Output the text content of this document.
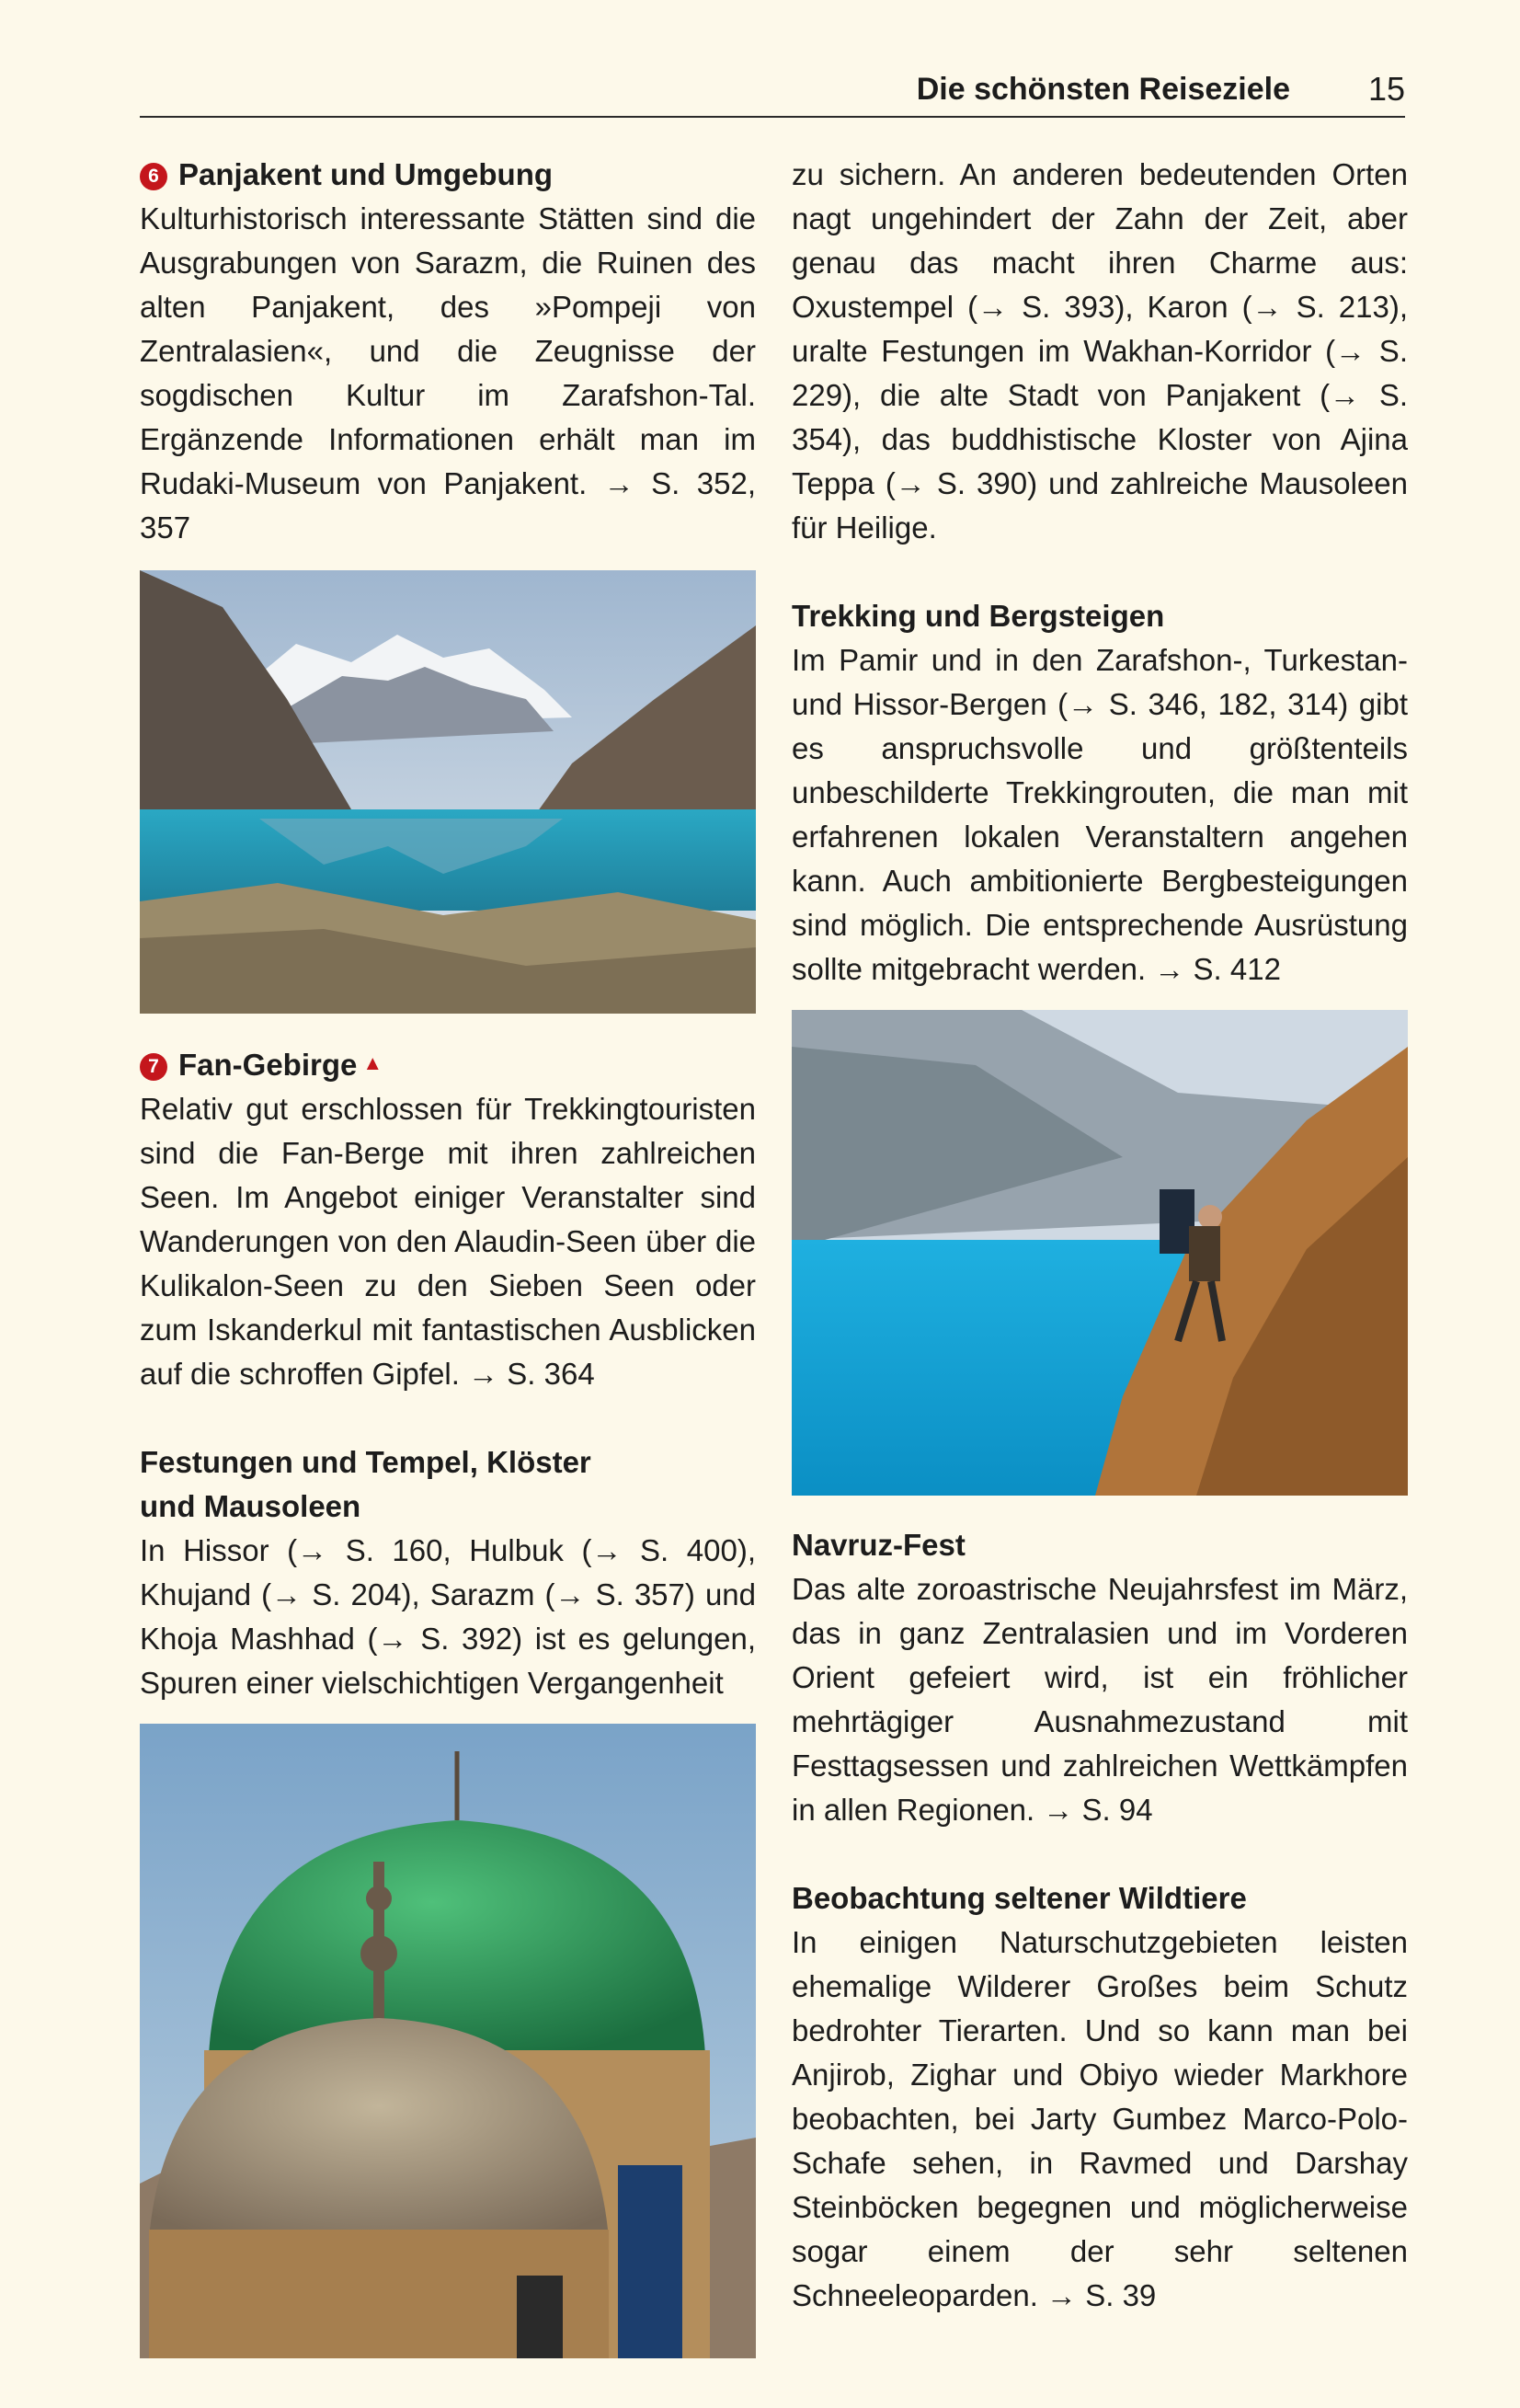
Die schönsten Reiseziele 15

6 Panjakent und Umgebung

Kulturhistorisch interessante Stätten sind die Ausgrabungen von Sarazm, die Ruinen des alten Panjakent, des »Pompeji von Zentralasien«, und die Zeugnisse der sogdischen Kultur im Zarafshon-Tal. Ergänzende Informationen erhält man im Rudaki-Museum von Panjakent. → S. 352, 357

7 Fan-Gebirge ▲

Relativ gut erschlossen für Trekkingtouristen sind die Fan-Berge mit ihren zahlreichen Seen. Im Angebot einiger Veranstalter sind Wanderungen von den Alaudin-Seen über die Kulikalon-Seen zu den Sieben Seen oder zum Iskanderkul mit fantastischen Ausblicken auf die schroffen Gipfel. → S. 364

Festungen und Tempel, Klöster

und Mausoleen

In Hissor (→ S. 160, Hulbuk (→ S. 400), Khujand (→ S. 204), Sarazm (→ S. 357) und Khoja Mashhad (→ S. 392) ist es gelungen, Spuren einer vielschichtigen Vergangenheit

zu sichern. An anderen bedeutenden Orten nagt ungehindert der Zahn der Zeit, aber genau das macht ihren Charme aus: Oxustempel (→ S. 393), Karon (→ S. 213), uralte Festungen im Wakhan-Korridor (→ S. 229), die alte Stadt von Panjakent (→ S. 354), das buddhistische Kloster von Ajina Teppa (→ S. 390) und zahlreiche Mausoleen für Heilige.

Trekking und Bergsteigen

Im Pamir und in den Zarafshon-, Turkestan- und Hissor-Bergen (→ S. 346, 182, 314) gibt es anspruchsvolle und größtenteils unbeschilderte Trekkingrouten, die man mit erfahrenen lokalen Veranstaltern angehen kann. Auch ambitionierte Bergbesteigungen sind möglich. Die entsprechende Ausrüstung sollte mitgebracht werden. → S. 412

Navruz-Fest

Das alte zoroastrische Neujahrsfest im März, das in ganz Zentralasien und im Vorderen Orient gefeiert wird, ist ein fröhlicher mehrtägiger Ausnahmezustand mit Festtagsessen und zahlreichen Wettkämpfen in allen Regionen. → S. 94

Beobachtung seltener Wildtiere

In einigen Naturschutzgebieten leisten ehemalige Wilderer Großes beim Schutz bedrohter Tierarten. Und so kann man bei Anjirob, Zighar und Obiyo wieder Markhore beobachten, bei Jarty Gumbez Marco-Polo-Schafe sehen, in Ravmed und Darshay Steinböcken begegnen und möglicherweise sogar einem der sehr seltenen Schneeleoparden. → S. 39
